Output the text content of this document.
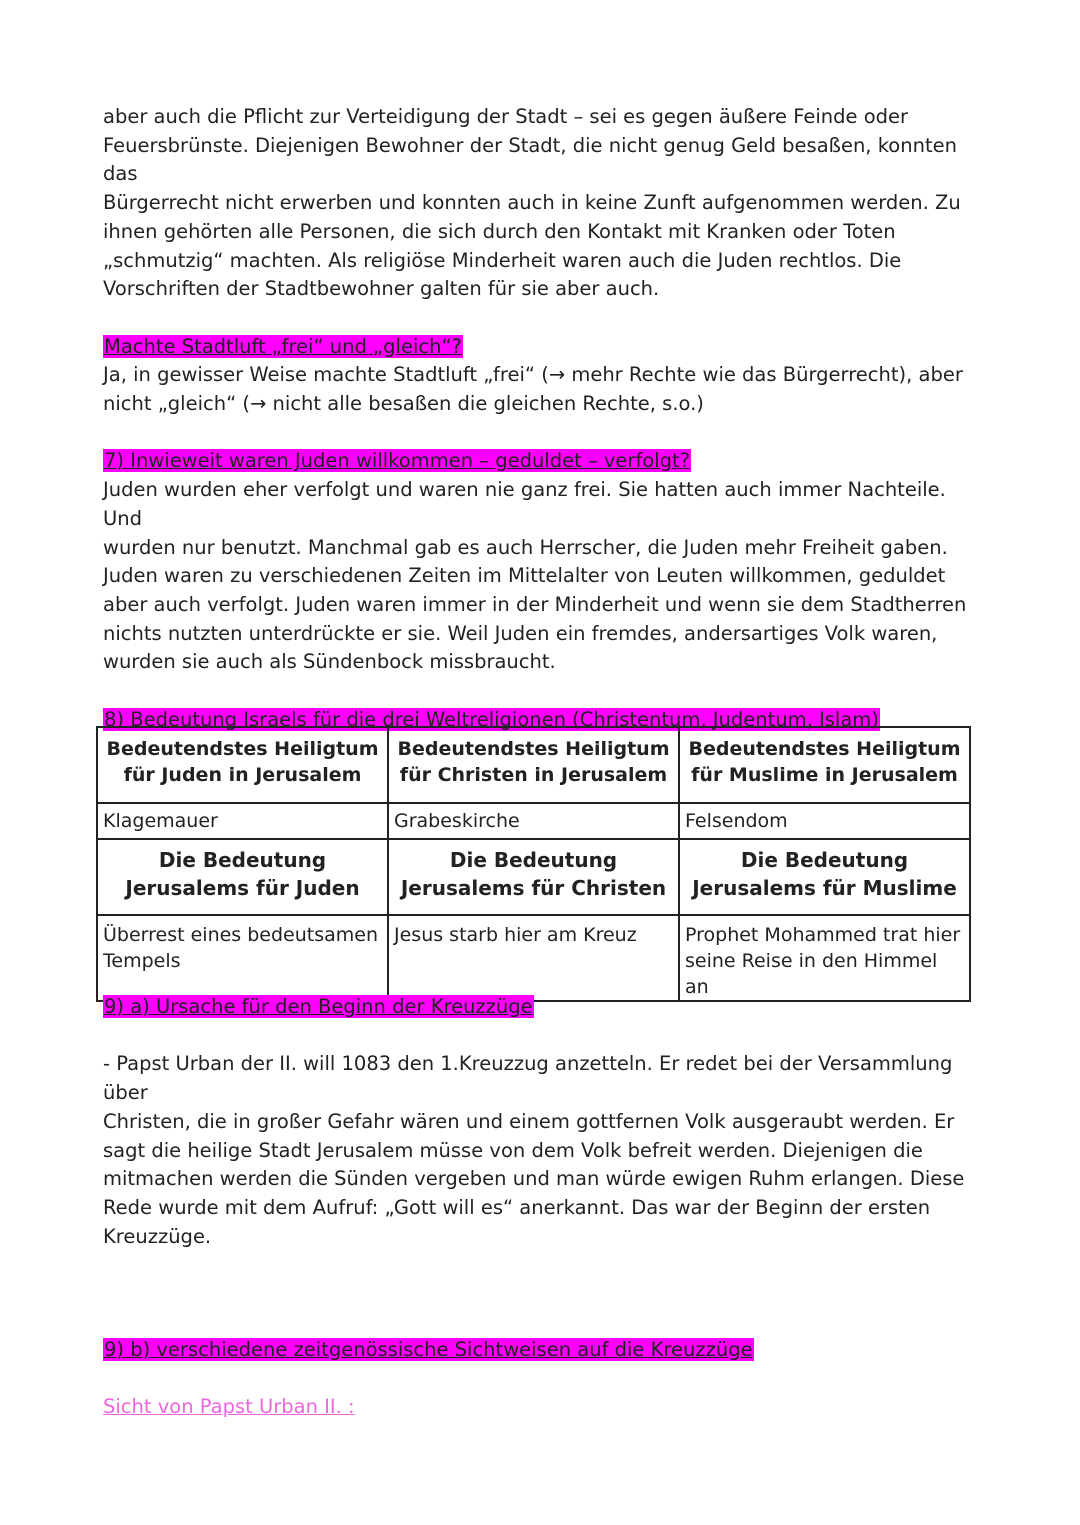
aber auch die Pflicht zur Verteidigung der Stadt – sei es gegen äußere Feinde oder

Feuersbrünste. Diejenigen Bewohner der Stadt, die nicht genug Geld besaßen, konnten das

Bürgerrecht nicht erwerben und konnten auch in keine Zunft aufgenommen werden. Zu

ihnen gehörten alle Personen, die sich durch den Kontakt mit Kranken oder Toten

„schmutzig“ machten. Als religiöse Minderheit waren auch die Juden rechtlos. Die

Vorschriften der Stadtbewohner galten für sie aber auch.

Machte Stadtluft „frei“ und „gleich“?

Ja, in gewisser Weise machte Stadtluft „frei“ (→ mehr Rechte wie das Bürgerrecht), aber

nicht „gleich“ (→ nicht alle besaßen die gleichen Rechte, s.o.)

7) Inwieweit waren Juden willkommen – geduldet – verfolgt?

Juden wurden eher verfolgt und waren nie ganz frei. Sie hatten auch immer Nachteile. Und

wurden nur benutzt. Manchmal gab es auch Herrscher, die Juden mehr Freiheit gaben.

Juden waren zu verschiedenen Zeiten im Mittelalter von Leuten willkommen, geduldet

aber auch verfolgt. Juden waren immer in der Minderheit und wenn sie dem Stadtherren

nichts nutzten unterdrückte er sie. Weil Juden ein fremdes, andersartiges Volk waren,

wurden sie auch als Sündenbock missbraucht.

8) Bedeutung Israels für die drei Weltreligionen (Christentum, Judentum, Islam)

Bedeutendstes Heiligtum für Juden in Jerusalem	Bedeutendstes Heiligtum für Christen in Jerusalem	Bedeutendstes Heiligtum für Muslime in Jerusalem
Klagemauer	Grabeskirche	Felsendom
Die Bedeutung Jerusalems für Juden	Die Bedeutung Jerusalems für Christen	Die Bedeutung Jerusalems für Muslime
Überrest eines bedeutsamen Tempels	Jesus starb hier am Kreuz	Prophet Mohammed trat hier seine Reise in den Himmel an

9) a) Ursache für den Beginn der Kreuzzüge

- Papst Urban der II. will 1083 den 1.Kreuzzug anzetteln. Er redet bei der Versammlung über

Christen, die in großer Gefahr wären und einem gottfernen Volk ausgeraubt werden. Er

sagt die heilige Stadt Jerusalem müsse von dem Volk befreit werden. Diejenigen die

mitmachen werden die Sünden vergeben und man würde ewigen Ruhm erlangen. Diese

Rede wurde mit dem Aufruf: „Gott will es“ anerkannt. Das war der Beginn der ersten

Kreuzzüge.

9) b) verschiedene zeitgenössische Sichtweisen auf die Kreuzzüge

Sicht von Papst Urban II. :
